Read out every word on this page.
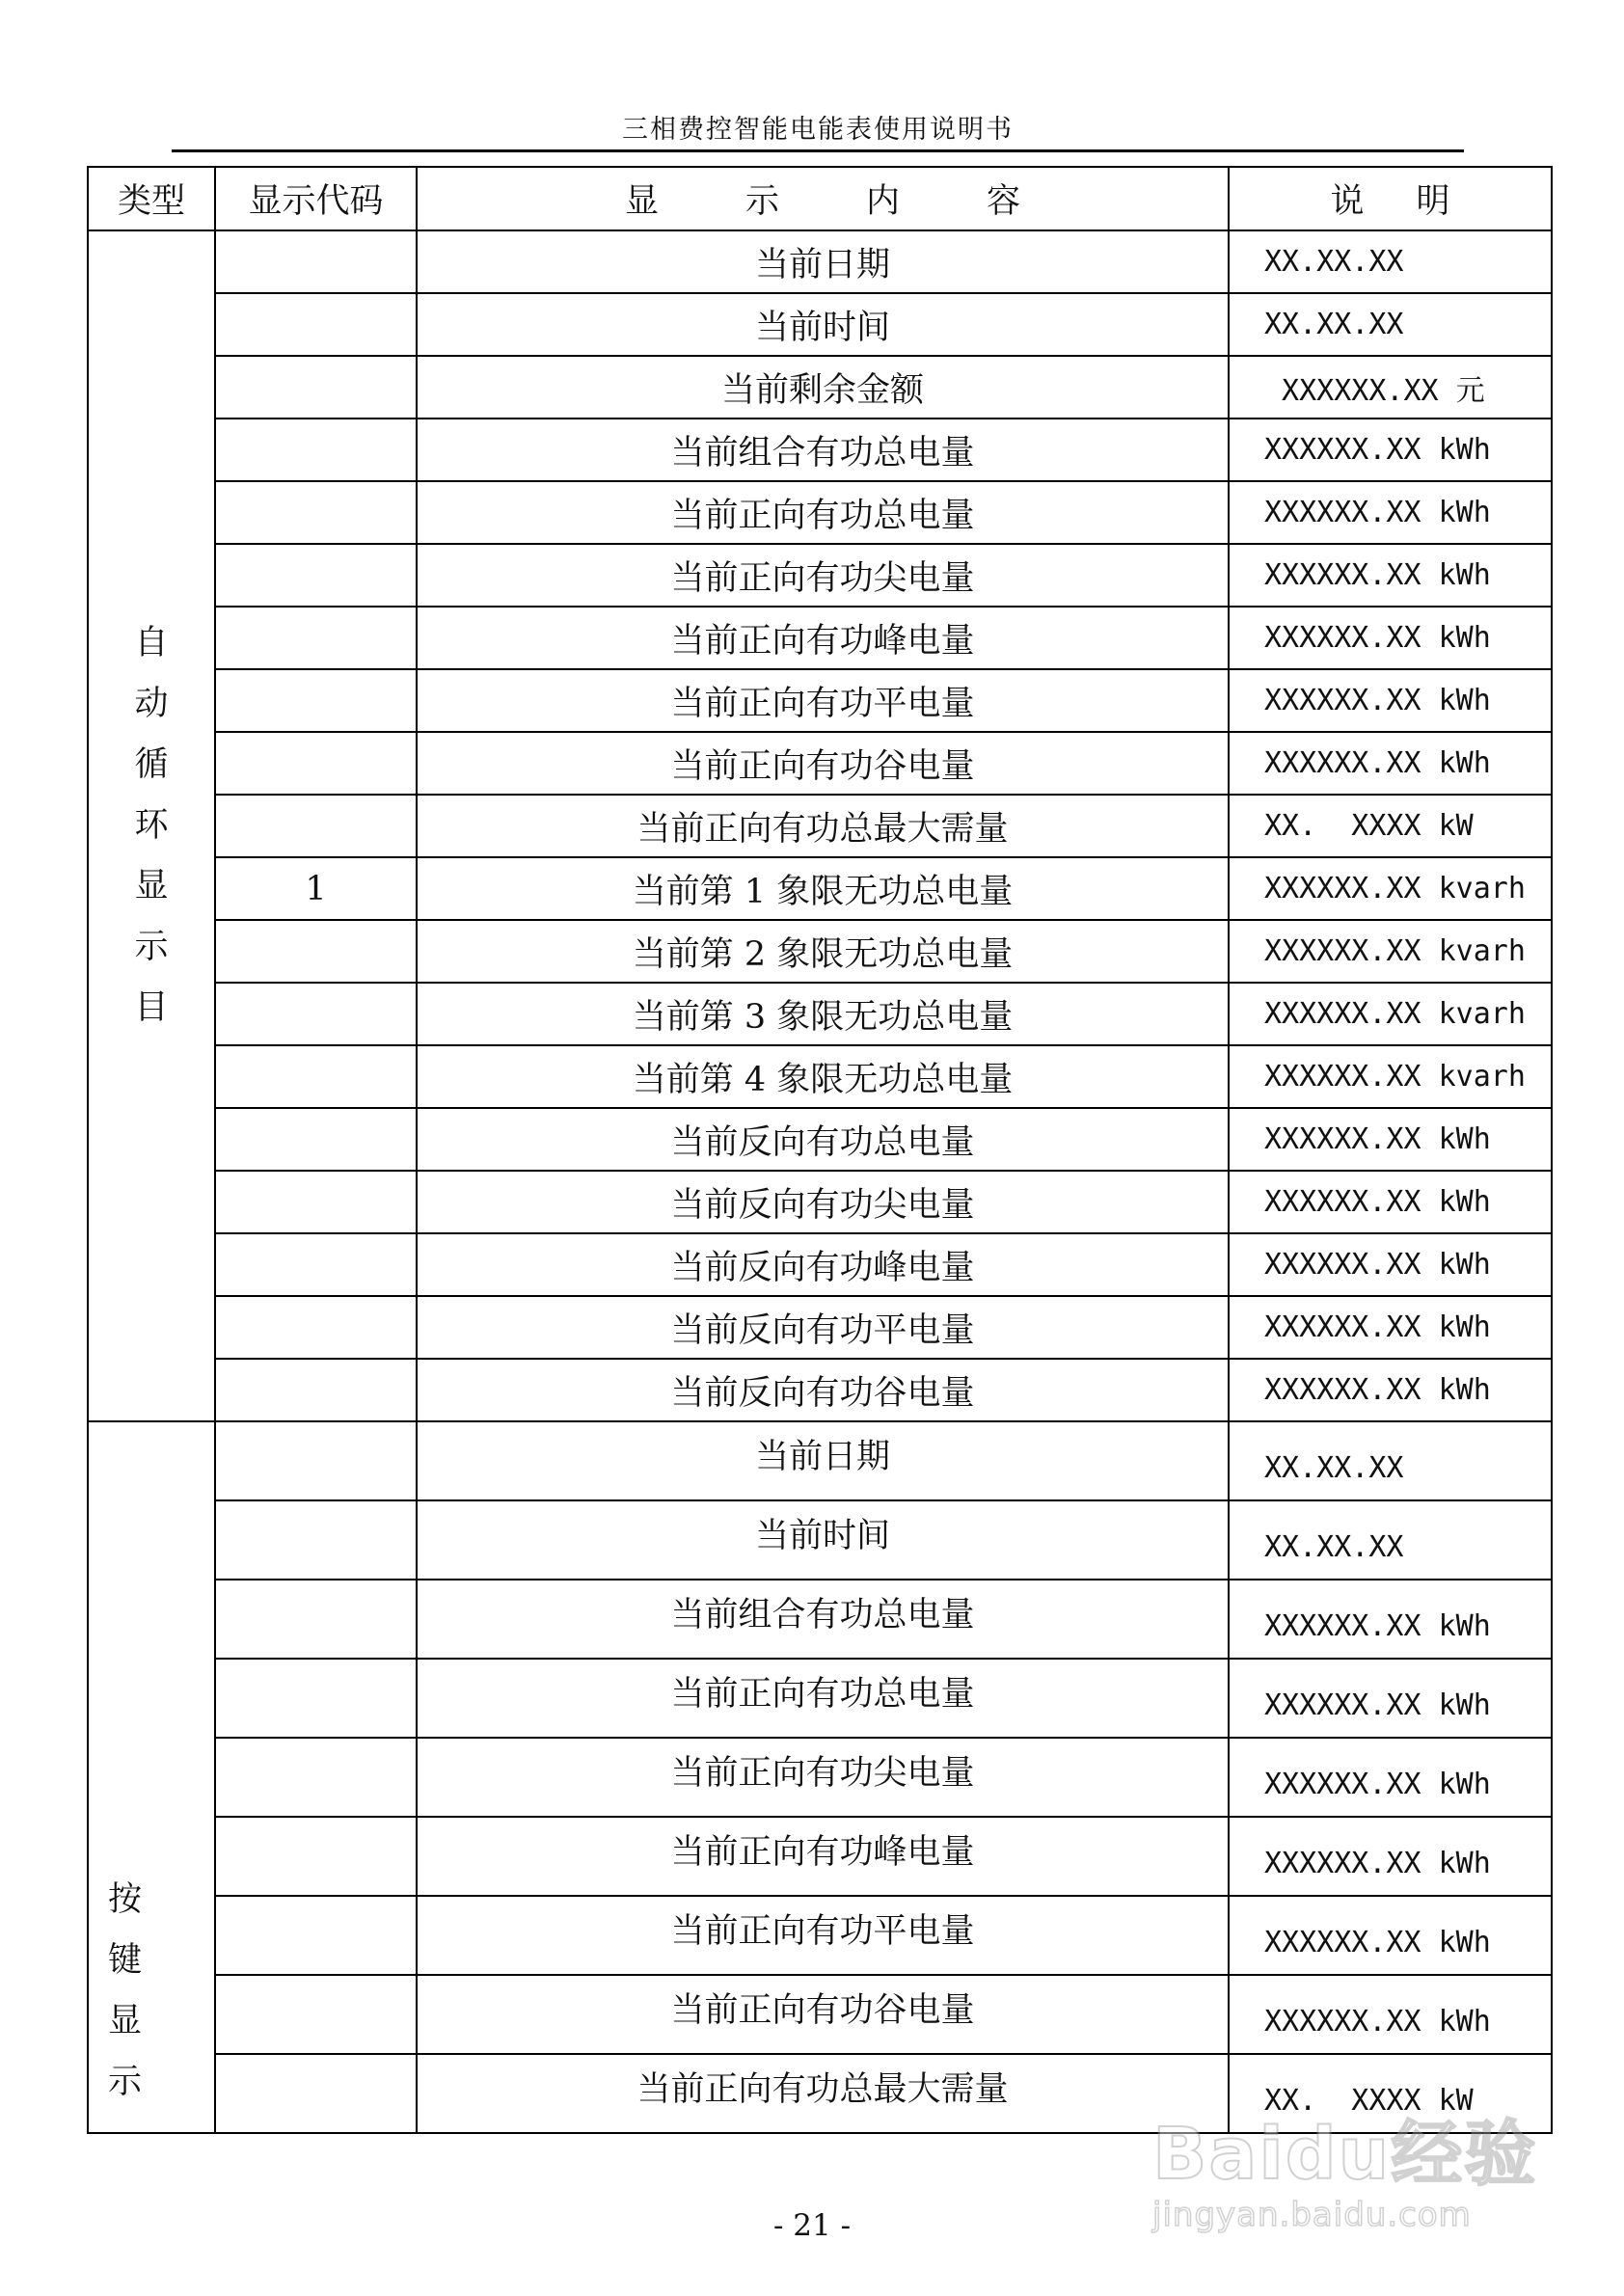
三相费控智能电能表使用说明书
类型	显示代码	显示内容	说明
自动循环显示目		当前日期	XX.XX.XX
		当前时间	XX.XX.XX
		当前剩余金额	XXXXXX.XX 元
		当前组合有功总电量	XXXXXX.XX kWh
		当前正向有功总电量	XXXXXX.XX kWh
		当前正向有功尖电量	XXXXXX.XX kWh
		当前正向有功峰电量	XXXXXX.XX kWh
		当前正向有功平电量	XXXXXX.XX kWh
		当前正向有功谷电量	XXXXXX.XX kWh
		当前正向有功总最大需量	XX.  XXXX kW
	1	当前第 1 象限无功总电量	XXXXXX.XX kvarh
		当前第 2 象限无功总电量	XXXXXX.XX kvarh
		当前第 3 象限无功总电量	XXXXXX.XX kvarh
		当前第 4 象限无功总电量	XXXXXX.XX kvarh
		当前反向有功总电量	XXXXXX.XX kWh
		当前反向有功尖电量	XXXXXX.XX kWh
		当前反向有功峰电量	XXXXXX.XX kWh
		当前反向有功平电量	XXXXXX.XX kWh
		当前反向有功谷电量	XXXXXX.XX kWh
按键显示		当前日期	XX.XX.XX
		当前时间	XX.XX.XX
		当前组合有功总电量	XXXXXX.XX kWh
		当前正向有功总电量	XXXXXX.XX kWh
		当前正向有功尖电量	XXXXXX.XX kWh
		当前正向有功峰电量	XXXXXX.XX kWh
		当前正向有功平电量	XXXXXX.XX kWh
		当前正向有功谷电量	XXXXXX.XX kWh
		当前正向有功总最大需量	XX.  XXXX kW
- 21 -
Baidu经验
jingyan.baidu.com
